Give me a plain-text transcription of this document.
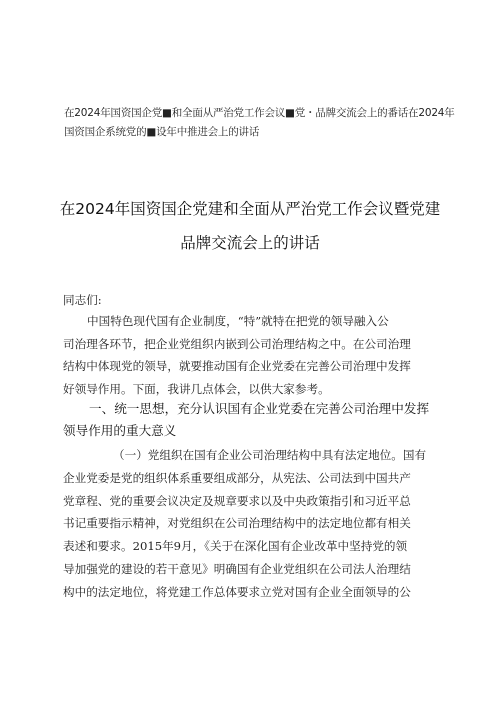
在2024年国资国企党■和全面从严治党工作会议■党・品牌交流会上的番话在2024年
国资国企系统党的■设年中推进会上的讲话
在2024年国资国企党建和全面从严治党工作会议暨党建
品牌交流会上的讲话
同志们:
中国特色现代国有企业制度，“特”就特在把党的领导融入公
司治理各环节，把企业党组织内嵌到公司治理结构之中。在公司治理
结构中体现党的领导，就要推动国有企业党委在完善公司治理中发挥
好领导作用。下面，我讲几点体会，以供大家参考。
一、统一思想，充分认识国有企业党委在完善公司治理中发挥
领导作用的重大意义
（一）党组织在国有企业公司治理结构中具有法定地位。国有
企业党委是党的组织体系重要组成部分，从宪法、公司法到中国共产
党章程、党的重要会议决定及规章要求以及中央政策指引和习近平总
书记重要指示精神，对党组织在公司治理结构中的法定地位都有相关
表述和要求。2015年9月，《关于在深化国有企业改革中坚持党的领
导加强党的建设的若干意见》明确国有企业党组织在公司法人治理结
构中的法定地位，将党建工作总体要求立党对国有企业全面领导的公
